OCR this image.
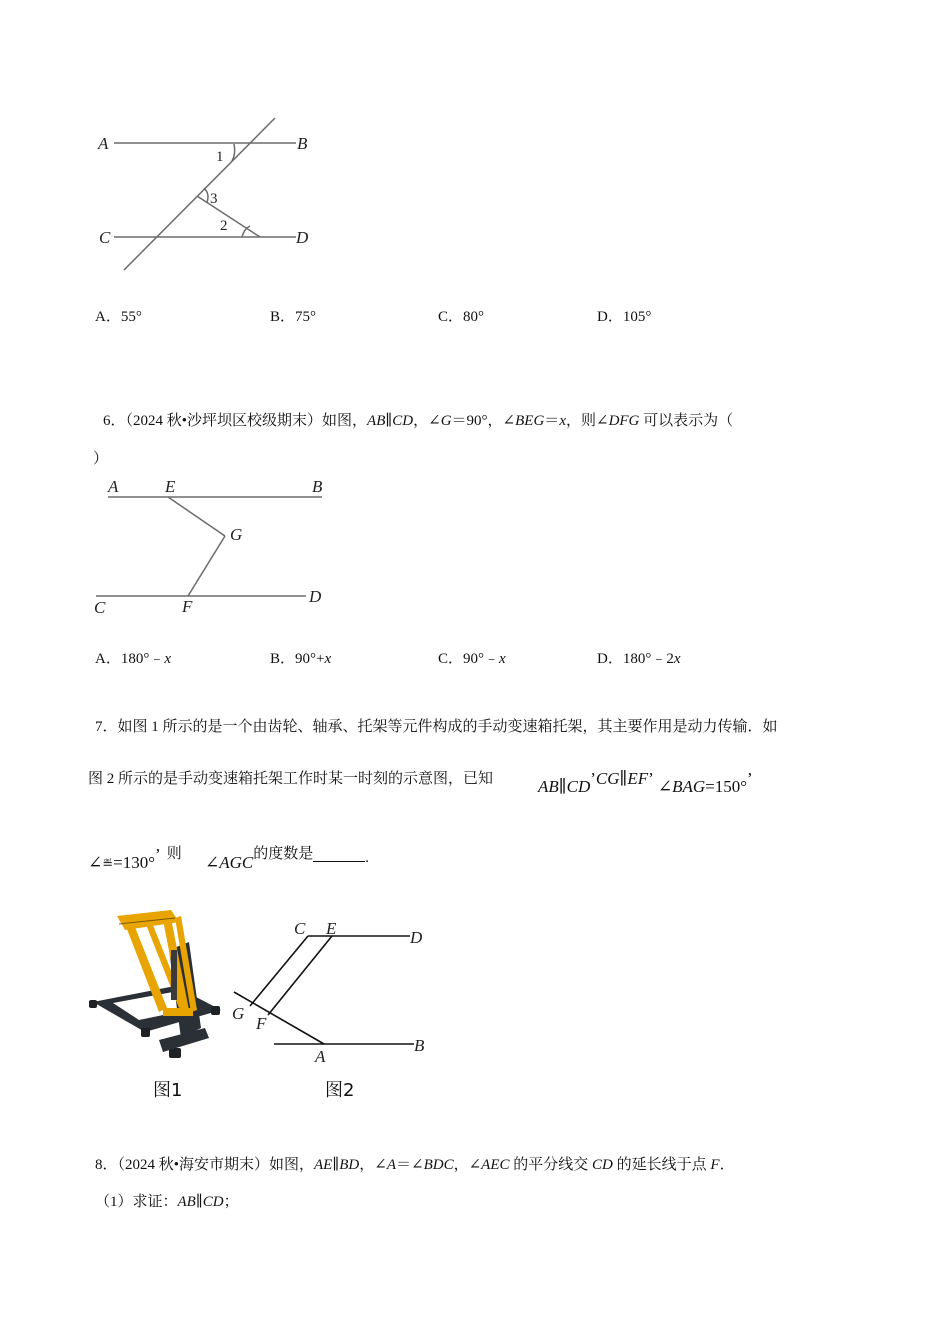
A	B
C	D
1
3
2
A．55°	B．75°	C．80°	D．105°
6．（2024 秋•沙坪坝区校级期末）如图，AB∥CD，∠G＝90°，∠BEG＝x，则∠DFG 可以表示为（
）
A	E	B
G
C	F
D
A．180°﹣x	B．90°+x	C．90°﹣x	D．180°﹣2x
7．如图 1 所示的是一个由齿轮、轴承、托架等元件构成的手动变速箱托架，其主要作用是动力传输．如
图 2 所示的是手动变速箱托架工作时某一时刻的示意图，已知	AB∥CD’CG∥EF’ ∠BAG=150°’
∠≝=130°’ 则 ∠AGC的度数是	.
C E	D
G
F
A
B
图1	图2
8．（2024 秋•海安市期末）如图，AE∥BD，∠A＝∠BDC，∠AEC 的平分线交 CD 的延长线于点 F．
（1）求证：AB∥CD；
